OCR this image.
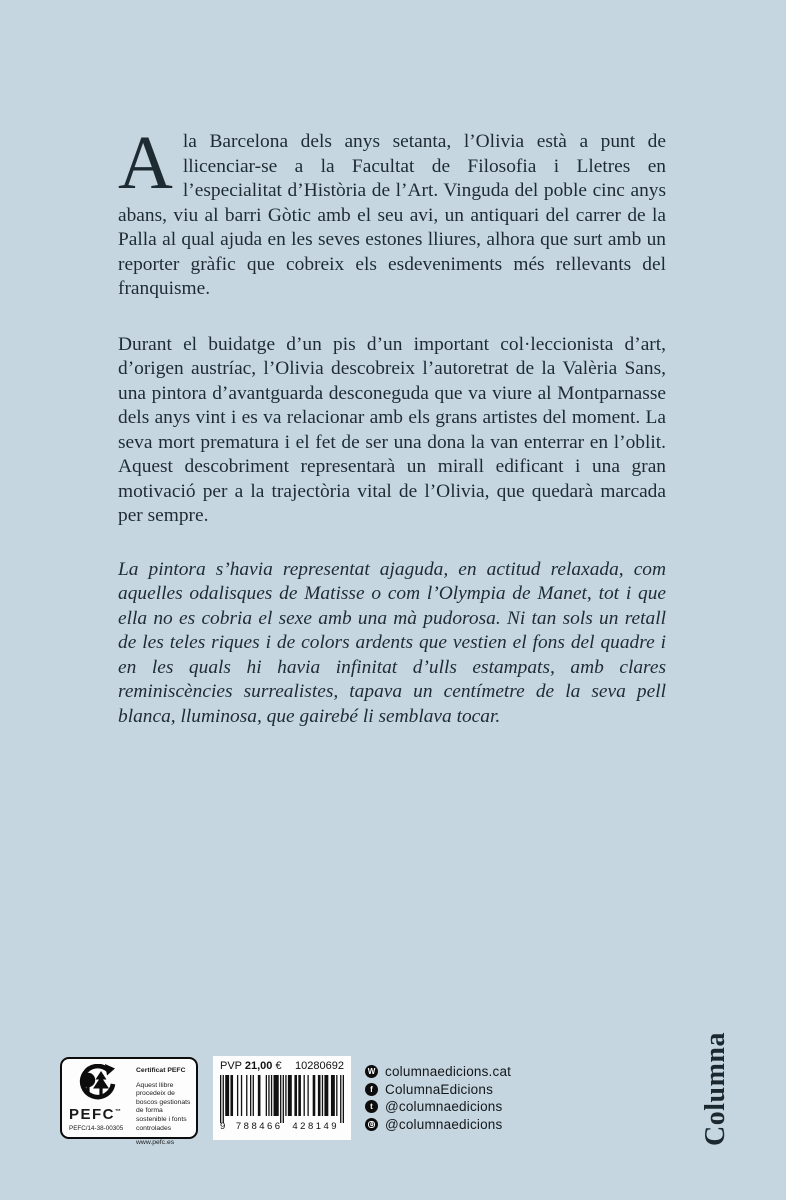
Ala Barcelona dels anys setanta, l’Olivia està a punt de llicenciar-se a la Facultat de Filosofia i Lletres en l’especialitat d’Història de l’Art. Vinguda del poble cinc anys abans, viu al barri Gòtic amb el seu avi, un antiquari del carrer de la Palla al qual ajuda en les seves estones lliures, alhora que surt amb un reporter gràfic que cobreix els esdeveniments més rellevants del franquisme.

Durant el buidatge d’un pis d’un important col·leccionista d’art, d’origen austríac, l’Olivia descobreix l’autoretrat de la Valèria Sans, una pintora d’avantguarda desconeguda que va viure al Montparnasse dels anys vint i es va relacionar amb els grans artistes del moment. La seva mort prematura i el fet de ser una dona la van enterrar en l’oblit. Aquest descobriment representarà un mirall edificant i una gran motivació per a la trajectòria vital de l’Olivia, que quedarà marcada per sempre.

La pintora s’havia representat ajaguda, en actitud relaxada, com aquelles odalisques de Matisse o com l’Olympia de Manet, tot i que ella no es cobria el sexe amb una mà pudorosa. Ni tan sols un retall de les teles riques i de colors ardents que vestien el fons del quadre i en les quals hi havia infinitat d’ulls estampats, amb clares reminiscències surrealistes, tapava un centímetre de la seva pell blanca, lluminosa, que gairebé li semblava tocar.

PEFC™
PEFC/14-38-00305
Certificat PEFC
Aquest llibre procedeix de boscos gestionats de forma sostenible i fonts controlades
www.pefc.es
PVP 21,00 € 10280692
9	788466	428149
W columnaedicions.cat
f ColumnaEdicions
t @columnaedicions
@columnaedicions	Columna
